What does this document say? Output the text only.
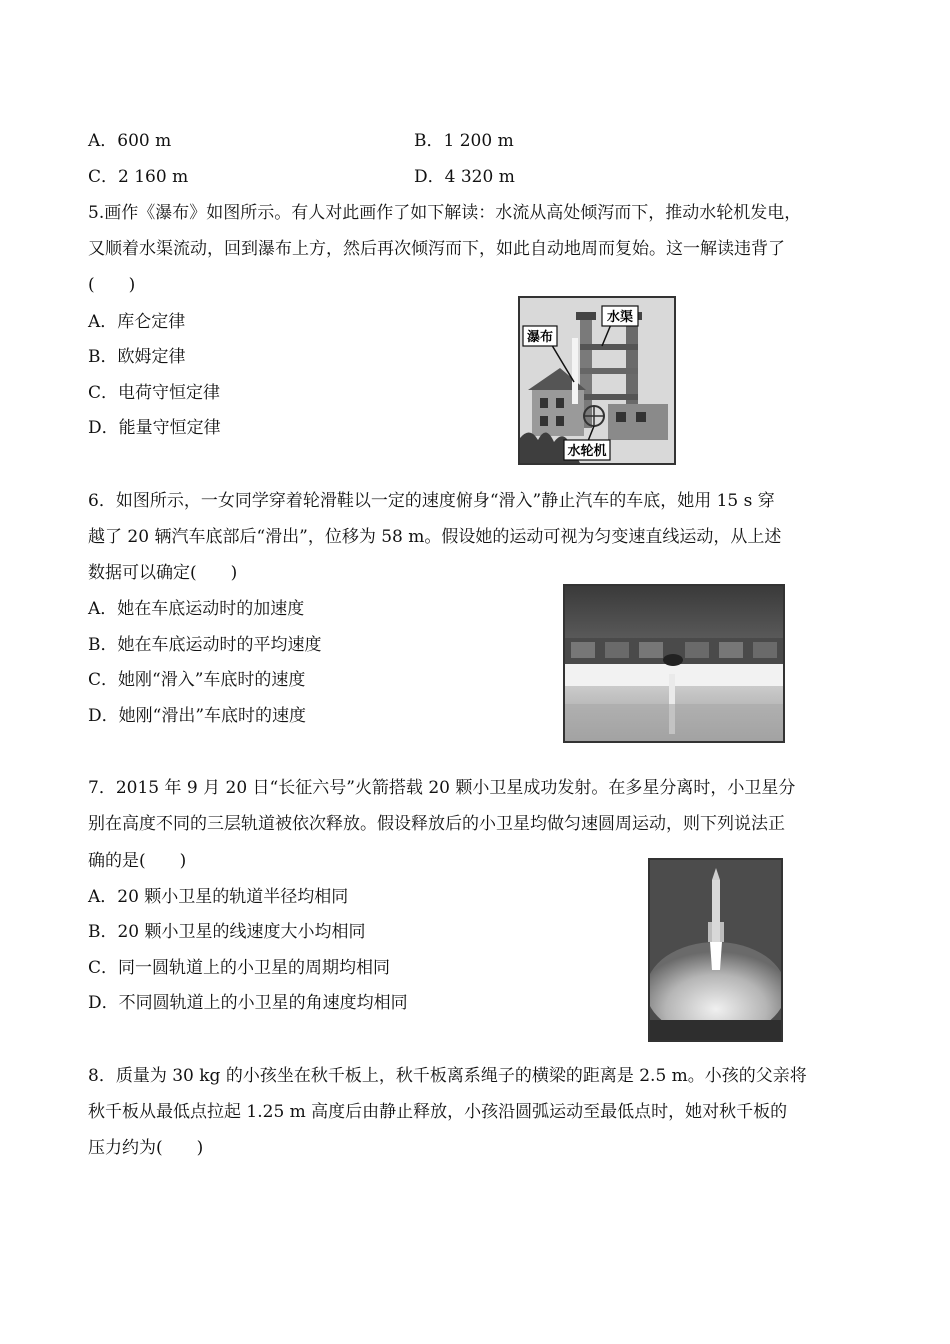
A．600 m	B．1 200 m
C．2 160 m	D．4 320 m
5.画作《瀑布》如图所示。有人对此画作了如下解读：水流从高处倾泻而下，推动水轮机发电，
又顺着水渠流动，回到瀑布上方，然后再次倾泻而下，如此自动地周而复始。这一解读违背了
(　　)
A．库仑定律
B．欧姆定律
C．电荷守恒定律
D．能量守恒定律
瀑布
水渠
水轮机
6．如图所示，一女同学穿着轮滑鞋以一定的速度俯身“滑入”静止汽车的车底，她用 15 s 穿
越了 20 辆汽车底部后“滑出”，位移为 58 m。假设她的运动可视为匀变速直线运动，从上述
数据可以确定(　　)
A．她在车底运动时的加速度
B．她在车底运动时的平均速度
C．她刚“滑入”车底时的速度
D．她刚“滑出”车底时的速度
7．2015 年 9 月 20 日“长征六号”火箭搭载 20 颗小卫星成功发射。在多星分离时，小卫星分
别在高度不同的三层轨道被依次释放。假设释放后的小卫星均做匀速圆周运动，则下列说法正
确的是(　　)
A．20 颗小卫星的轨道半径均相同
B．20 颗小卫星的线速度大小均相同
C．同一圆轨道上的小卫星的周期均相同
D．不同圆轨道上的小卫星的角速度均相同
8．质量为 30 kg 的小孩坐在秋千板上，秋千板离系绳子的横梁的距离是 2.5 m。小孩的父亲将
秋千板从最低点拉起 1.25 m 高度后由静止释放，小孩沿圆弧运动至最低点时，她对秋千板的
压力约为(　　)
